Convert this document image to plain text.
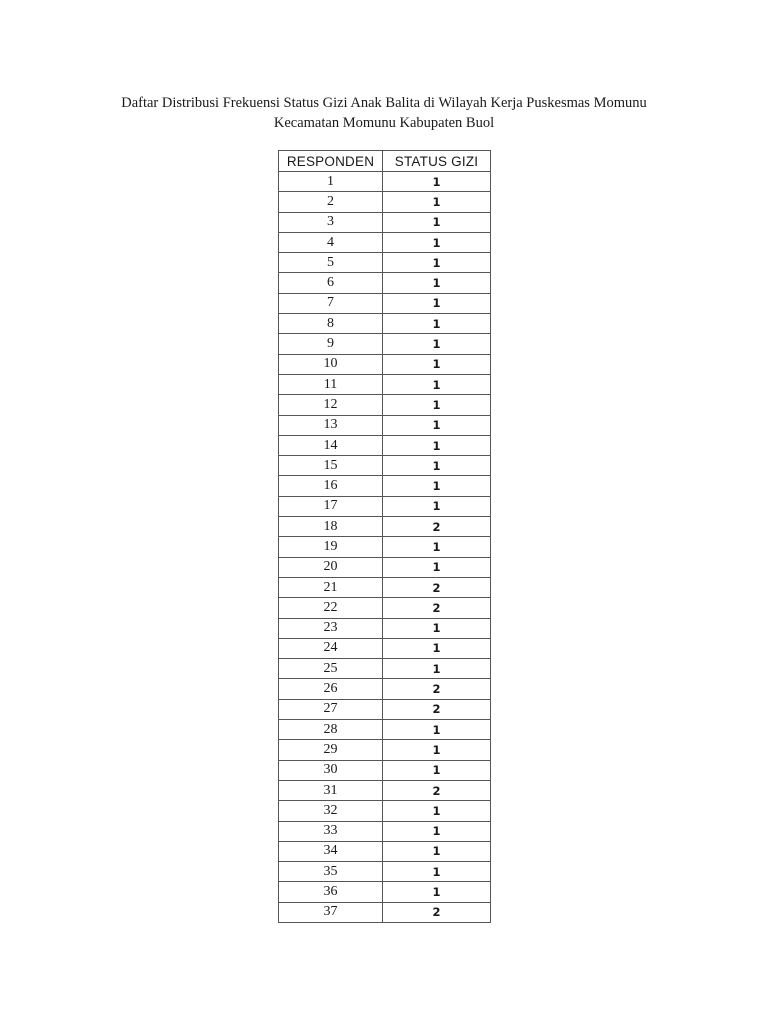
Daftar Distribusi Frekuensi Status Gizi Anak Balita di Wilayah Kerja Puskesmas Momunu
Kecamatan Momunu Kabupaten Buol
RESPONDEN	STATUS GIZI
1	1
2	1
3	1
4	1
5	1
6	1
7	1
8	1
9	1
10	1
11	1
12	1
13	1
14	1
15	1
16	1
17	1
18	2
19	1
20	1
21	2
22	2
23	1
24	1
25	1
26	2
27	2
28	1
29	1
30	1
31	2
32	1
33	1
34	1
35	1
36	1
37	2
